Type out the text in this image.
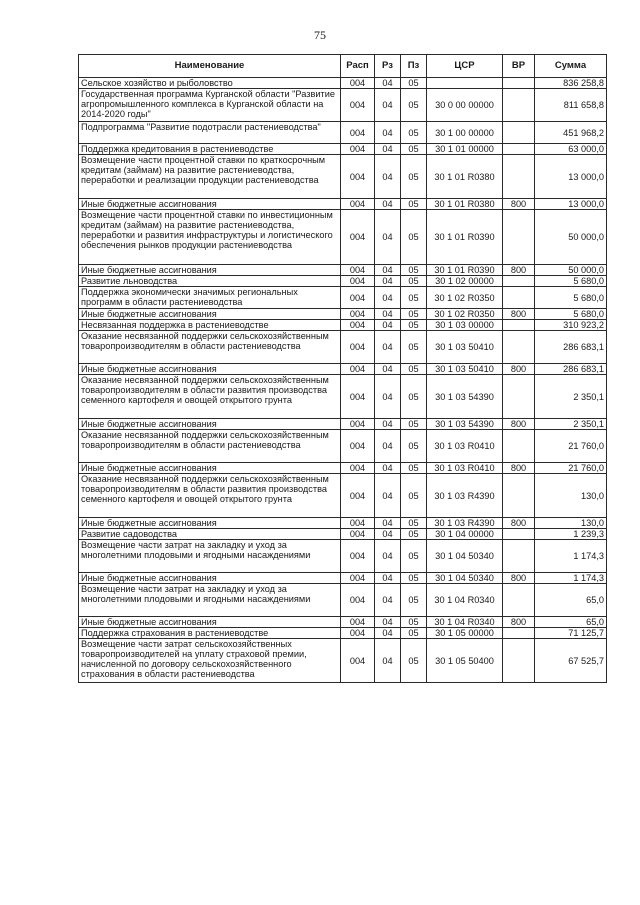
75
Наименование	Расп	Рз	Пз	ЦСР	ВР	Сумма
Сельское хозяйство и рыболовство	004	04	05			836 258,8
Государственная программа Курганской области "Развитие агропромышленного комплекса в Курганской области на 2014-2020 годы"	004	04	05	30 0 00 00000		811 658,8
Подпрограмма "Развитие подотрасли растениеводства"	004	04	05	30 1 00 00000		451 968,2
Поддержка кредитования в растениеводстве	004	04	05	30 1 01 00000		63 000,0
Возмещение части процентной ставки по краткосрочным кредитам (займам) на развитие растениеводства, переработки и реализации продукции растениеводства	004	04	05	30 1 01 R0380		13 000,0
Иные бюджетные ассигнования	004	04	05	30 1 01 R0380	800	13 000,0
Возмещение части процентной ставки по инвестиционным кредитам (займам) на развитие растениеводства, переработки и развития инфраструктуры и логистического обеспечения рынков продукции растениеводства	004	04	05	30 1 01 R0390		50 000,0
Иные бюджетные ассигнования	004	04	05	30 1 01 R0390	800	50 000,0
Развитие льноводства	004	04	05	30 1 02 00000		5 680,0
Поддержка экономически значимых региональных программ в области растениеводства	004	04	05	30 1 02 R0350		5 680,0
Иные бюджетные ассигнования	004	04	05	30 1 02 R0350	800	5 680,0
Несвязанная поддержка в растениеводстве	004	04	05	30 1 03 00000		310 923,2
Оказание несвязанной поддержки сельскохозяйственным товаропроизводителям в области растениеводства	004	04	05	30 1 03 50410		286 683,1
Иные бюджетные ассигнования	004	04	05	30 1 03 50410	800	286 683,1
Оказание несвязанной поддержки сельскохозяйственным товаропроизводителям в области развития производства семенного картофеля и овощей открытого грунта	004	04	05	30 1 03 54390		2 350,1
Иные бюджетные ассигнования	004	04	05	30 1 03 54390	800	2 350,1
Оказание несвязанной поддержки сельскохозяйственным товаропроизводителям в области растениеводства	004	04	05	30 1 03 R0410		21 760,0
Иные бюджетные ассигнования	004	04	05	30 1 03 R0410	800	21 760,0
Оказание несвязанной поддержки сельскохозяйственным товаропроизводителям в области развития производства семенного картофеля и овощей открытого грунта	004	04	05	30 1 03 R4390		130,0
Иные бюджетные ассигнования	004	04	05	30 1 03 R4390	800	130,0
Развитие садоводства	004	04	05	30 1 04 00000		1 239,3
Возмещение части затрат на закладку и уход за многолетними плодовыми и ягодными насаждениями	004	04	05	30 1 04 50340		1 174,3
Иные бюджетные ассигнования	004	04	05	30 1 04 50340	800	1 174,3
Возмещение части затрат на закладку и уход за многолетними плодовыми и ягодными насаждениями	004	04	05	30 1 04 R0340		65,0
Иные бюджетные ассигнования	004	04	05	30 1 04 R0340	800	65,0
Поддержка страхования в растениеводстве	004	04	05	30 1 05 00000		71 125,7
Возмещение части затрат сельскохозяйственных товаропроизводителей на уплату страховой премии, начисленной по договору сельскохозяйственного страхования в области растениеводства	004	04	05	30 1 05 50400		67 525,7
